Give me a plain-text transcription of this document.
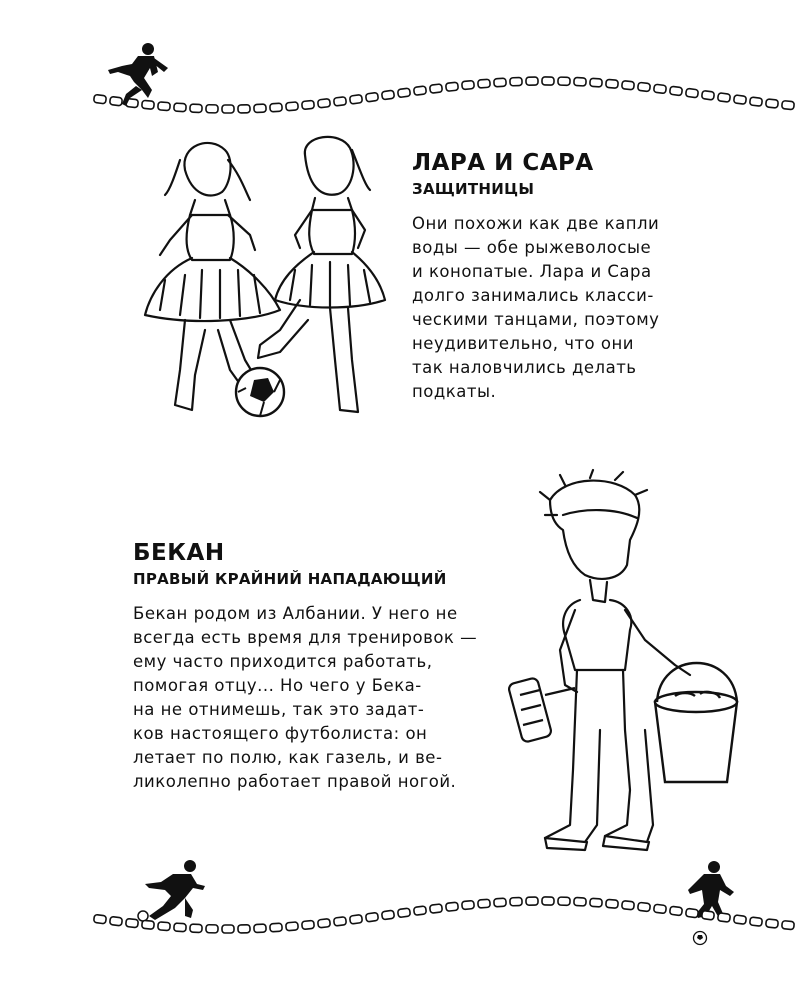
ЛАРА И САРА
ЗАЩИТНИЦЫ

Они похожи как две капли
воды — обе рыжеволосые
и конопатые. Лара и Сара
долго занимались класси-
ческими танцами, поэтому
неудивительно, что они
так наловчились делать
подкаты.

БЕКАН
ПРАВЫЙ КРАЙНИЙ НАПАДАЮЩИЙ

Бекан родом из Албании. У него не
всегда есть время для тренировок —
ему часто приходится работать,
помогая отцу... Но чего у Бека-
на не отнимешь, так это задат-
ков настоящего футболиста: он
летает по полю, как газель, и ве-
ликолепно работает правой ногой.
